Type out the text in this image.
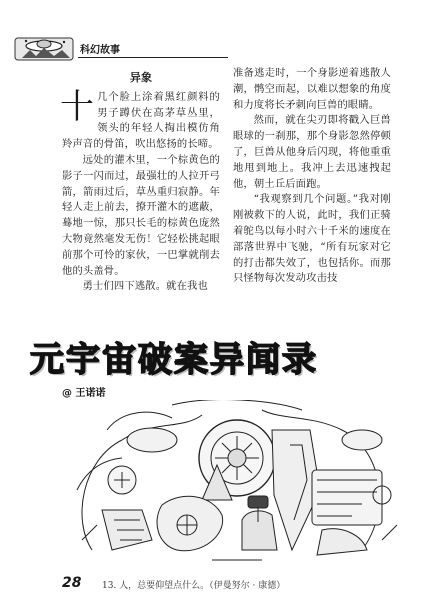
科幻故事
异象

十几个脸上涂着黑红颜料的男子蹲伏在高茅草丛里，领头的年轻人掏出模仿角羚声音的骨笛，吹出悠扬的长啼。

远处的灌木里，一个棕黄色的影子一闪而过，最强壮的人拉开弓箭，箭雨过后，草丛重归寂静。年轻人走上前去，撩开灌木的遮蔽，蓦地一惊，那只长毛的棕黄色庞然大物竟然毫发无伤！它轻松挑起眼前那个可怜的家伙，一巴掌就削去他的头盖骨。

勇士们四下逃散。就在我也

准备逃走时，一个身影逆着逃散人潮，鹘空而起，以难以想象的角度和力度将长矛刺向巨兽的眼睛。

然而，就在尖刃即将戳入巨兽眼球的一刹那，那个身影忽然停顿了，巨兽从他身后闪现，将他重重地甩到地上。我冲上去迅速拽起他，朝土丘后面跑。

“我观察到几个问题。”我对刚刚被救下的人说，此时，我们正骑着鸵鸟以每小时六十千米的速度在部落世界中飞驰，“所有玩家对它的打击都失效了，也包括你。而那只怪物每次发动攻击技

元宇宙破案异闻录
@ 王诺诺
28 13. 人，总要仰望点什么。（伊曼努尔 · 康德）
